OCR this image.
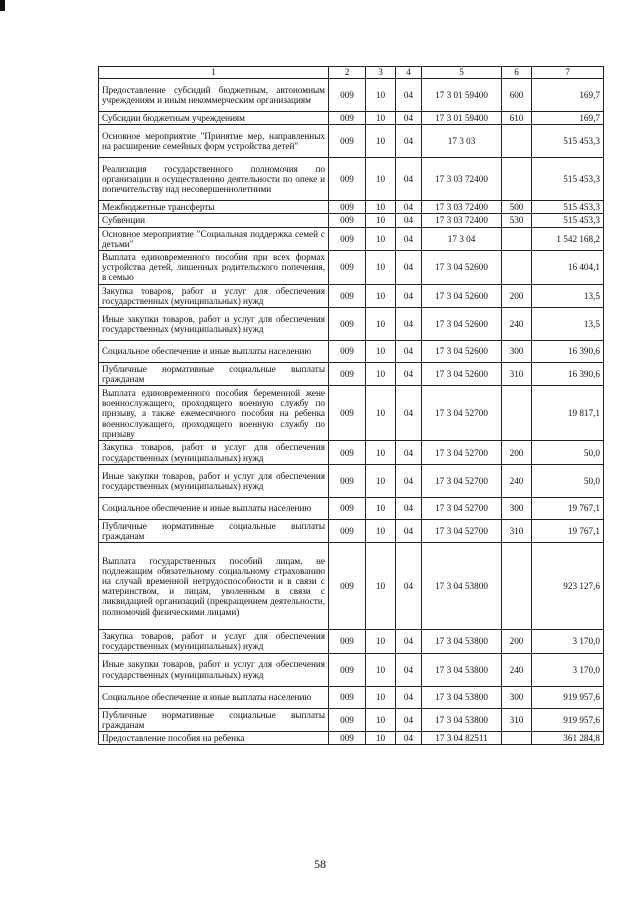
1	2	3	4	5	6	7
Предоставление субсидий бюджетным, автономным учреждениям и иным некоммерческим организациям	009	10	04	17 3 01 59400	600	169,7
Субсидии бюджетным учреждениям	009	10	04	17 3 01 59400	610	169,7
Основное мероприятие "Принятие мер, направленных на расширение семейных форм устройства детей"	009	10	04	17 3 03		515 453,3
Реализация государственного полномочия по организации и осуществлению деятельности по опеке и попечительству над несовершеннолетними	009	10	04	17 3 03 72400		515 453,3
Межбюджетные трансферты	009	10	04	17 3 03 72400	500	515 453,3
Субвенции	009	10	04	17 3 03 72400	530	515 453,3
Основное мероприятие "Социальная поддержка семей с детьми"	009	10	04	17 3 04		1 542 168,2
Выплата единовременного пособия при всех формах устройства детей, лишенных родительского попечения, в семью	009	10	04	17 3 04 52600		16 404,1
Закупка товаров, работ и услуг для обеспечения государственных (муниципальных) нужд	009	10	04	17 3 04 52600	200	13,5
Иные закупки товаров, работ и услуг для обеспечения государственных (муниципальных) нужд	009	10	04	17 3 04 52600	240	13,5
Социальное обеспечение и иные выплаты населению	009	10	04	17 3 04 52600	300	16 390,6
Публичные нормативные социальные выплаты гражданам	009	10	04	17 3 04 52600	310	16 390,6
Выплата единовременного пособия беременной жене военнослужащего, проходящего военную службу по призыву, а также ежемесячного пособия на ребенка военнослужащего, проходящего военную службу по призыву	009	10	04	17 3 04 52700		19 817,1
Закупка товаров, работ и услуг для обеспечения государственных (муниципальных) нужд	009	10	04	17 3 04 52700	200	50,0
Иные закупки товаров, работ и услуг для обеспечения государственных (муниципальных) нужд	009	10	04	17 3 04 52700	240	50,0
Социальное обеспечение и иные выплаты населению	009	10	04	17 3 04 52700	300	19 767,1
Публичные нормативные социальные выплаты гражданам	009	10	04	17 3 04 52700	310	19 767,1
Выплата государственных пособий лицам, не подлежащим обязательному социальному страхованию на случай временной нетрудоспособности и в связи с материнством, и лицам, уволенным в связи с ликвидацией организаций (прекращением деятельности, полномочий физическими лицами)	009	10	04	17 3 04 53800		923 127,6
Закупка товаров, работ и услуг для обеспечения государственных (муниципальных) нужд	009	10	04	17 3 04 53800	200	3 170,0
Иные закупки товаров, работ и услуг для обеспечения государственных (муниципальных) нужд	009	10	04	17 3 04 53800	240	3 170,0
Социальное обеспечение и иные выплаты населению	009	10	04	17 3 04 53800	300	919 957,6
Публичные нормативные социальные выплаты гражданам	009	10	04	17 3 04 53800	310	919 957,6
Предоставление пособия на ребенка	009	10	04	17 3 04 82511		361 284,8
58
